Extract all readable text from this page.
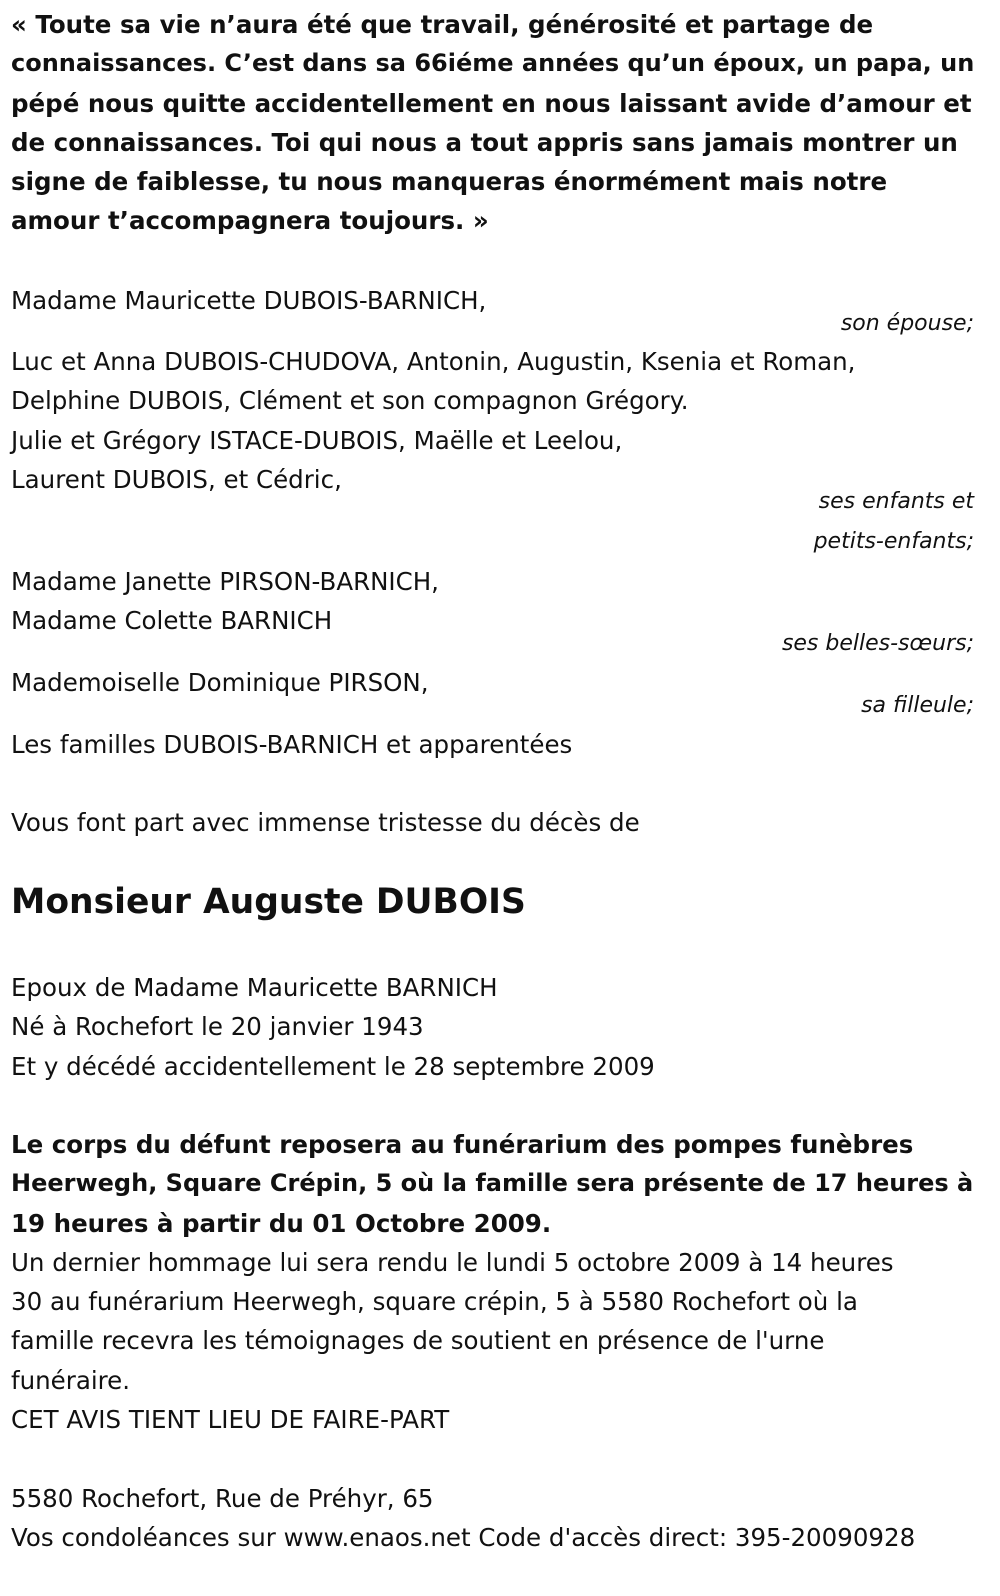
« Toute sa vie n’aura été que travail, générosité et partage de

connaissances. C’est dans sa 66iéme années qu’un époux, un papa, un

pépé nous quitte accidentellement en nous laissant avide d’amour et

de connaissances. Toi qui nous a tout appris sans jamais montrer un

signe de faiblesse, tu nous manqueras énormément mais notre

amour t’accompagnera toujours. »

Madame Mauricette DUBOIS-BARNICH,

son épouse;

Luc et Anna DUBOIS-CHUDOVA, Antonin, Augustin, Ksenia et Roman,

Delphine DUBOIS, Clément et son compagnon Grégory.

Julie et Grégory ISTACE-DUBOIS, Maëlle et Leelou,

Laurent DUBOIS, et Cédric,

ses enfants et

petits-enfants;

Madame Janette PIRSON-BARNICH,

Madame Colette BARNICH

ses belles-sœurs;

Mademoiselle Dominique PIRSON,

sa filleule;

Les familles DUBOIS-BARNICH et apparentées

Vous font part avec immense tristesse du décès de

Monsieur Auguste DUBOIS

Epoux de Madame Mauricette BARNICH

Né à Rochefort le 20 janvier 1943

Et y décédé accidentellement le 28 septembre 2009

Le corps du défunt reposera au funérarium des pompes funèbres

Heerwegh, Square Crépin, 5 où la famille sera présente de 17 heures à

19 heures à partir du 01 Octobre 2009.

Un dernier hommage lui sera rendu le lundi 5 octobre 2009 à 14 heures

30 au funérarium Heerwegh, square crépin, 5 à 5580 Rochefort où la

famille recevra les témoignages de soutient en présence de l'urne

funéraire.

CET AVIS TIENT LIEU DE FAIRE-PART

5580 Rochefort, Rue de Préhyr, 65

Vos condoléances sur www.enaos.net Code d'accès direct: 395-20090928
